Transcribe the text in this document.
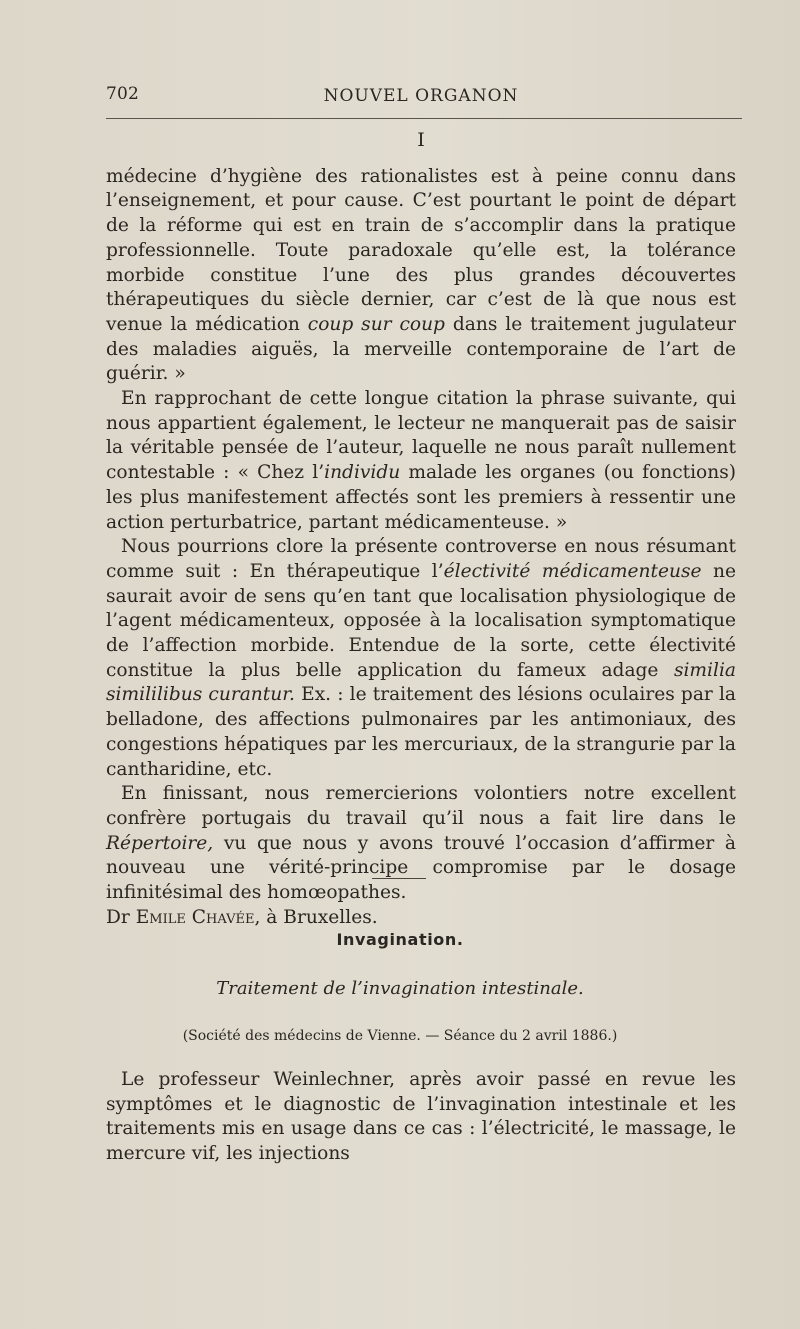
702	NOUVEL ORGANON
I

médecine d’hygiène des rationalistes est à peine connu dans l’enseignement, et pour cause. C’est pourtant le point de départ de la réforme qui est en train de s’accomplir dans la pratique professionnelle. Toute paradoxale qu’elle est, la tolérance morbide constitue l’une des plus grandes découvertes thérapeutiques du siècle dernier, car c’est de là que nous est venue la médication coup sur coup dans le traitement jugulateur des maladies aiguës, la merveille contemporaine de l’art de guérir. »

En rapprochant de cette longue citation la phrase suivante, qui nous appartient également, le lecteur ne manquerait pas de saisir la véritable pensée de l’auteur, laquelle ne nous paraît nullement contestable : « Chez l’individu malade les organes (ou fonctions) les plus manifestement affectés sont les premiers à ressentir une action perturbatrice, partant médicamenteuse. »

Nous pourrions clore la présente controverse en nous résumant comme suit : En thérapeutique l’électivité médicamenteuse ne saurait avoir de sens qu’en tant que localisation physiologique de l’agent médicamenteux, opposée à la localisation symptomatique de l’affection morbide. Entendue de la sorte, cette électivité constitue la plus belle application du fameux adage similia simililibus curantur. Ex. : le traitement des lésions oculaires par la belladone, des affections pulmonaires par les antimoniaux, des congestions hépatiques par les mercuriaux, de la strangurie par la cantharidine, etc.

En finissant, nous remercierions volontiers notre excellent confrère portugais du travail qu’il nous a fait lire dans le Répertoire, vu que nous y avons trouvé l’occasion d’affirmer à nouveau une vérité-principe compromise par le dosage infinitésimal des homœopathes.

Dr Emile Chavée, à Bruxelles.

Invagination.
Traitement de l’invagination intestinale.
(Société des médecins de Vienne. — Séance du 2 avril 1886.)

Le professeur Weinlechner, après avoir passé en revue les symptômes et le diagnostic de l’invagination intestinale et les traitements mis en usage dans ce cas : l’électricité, le massage, le mercure vif, les injections
